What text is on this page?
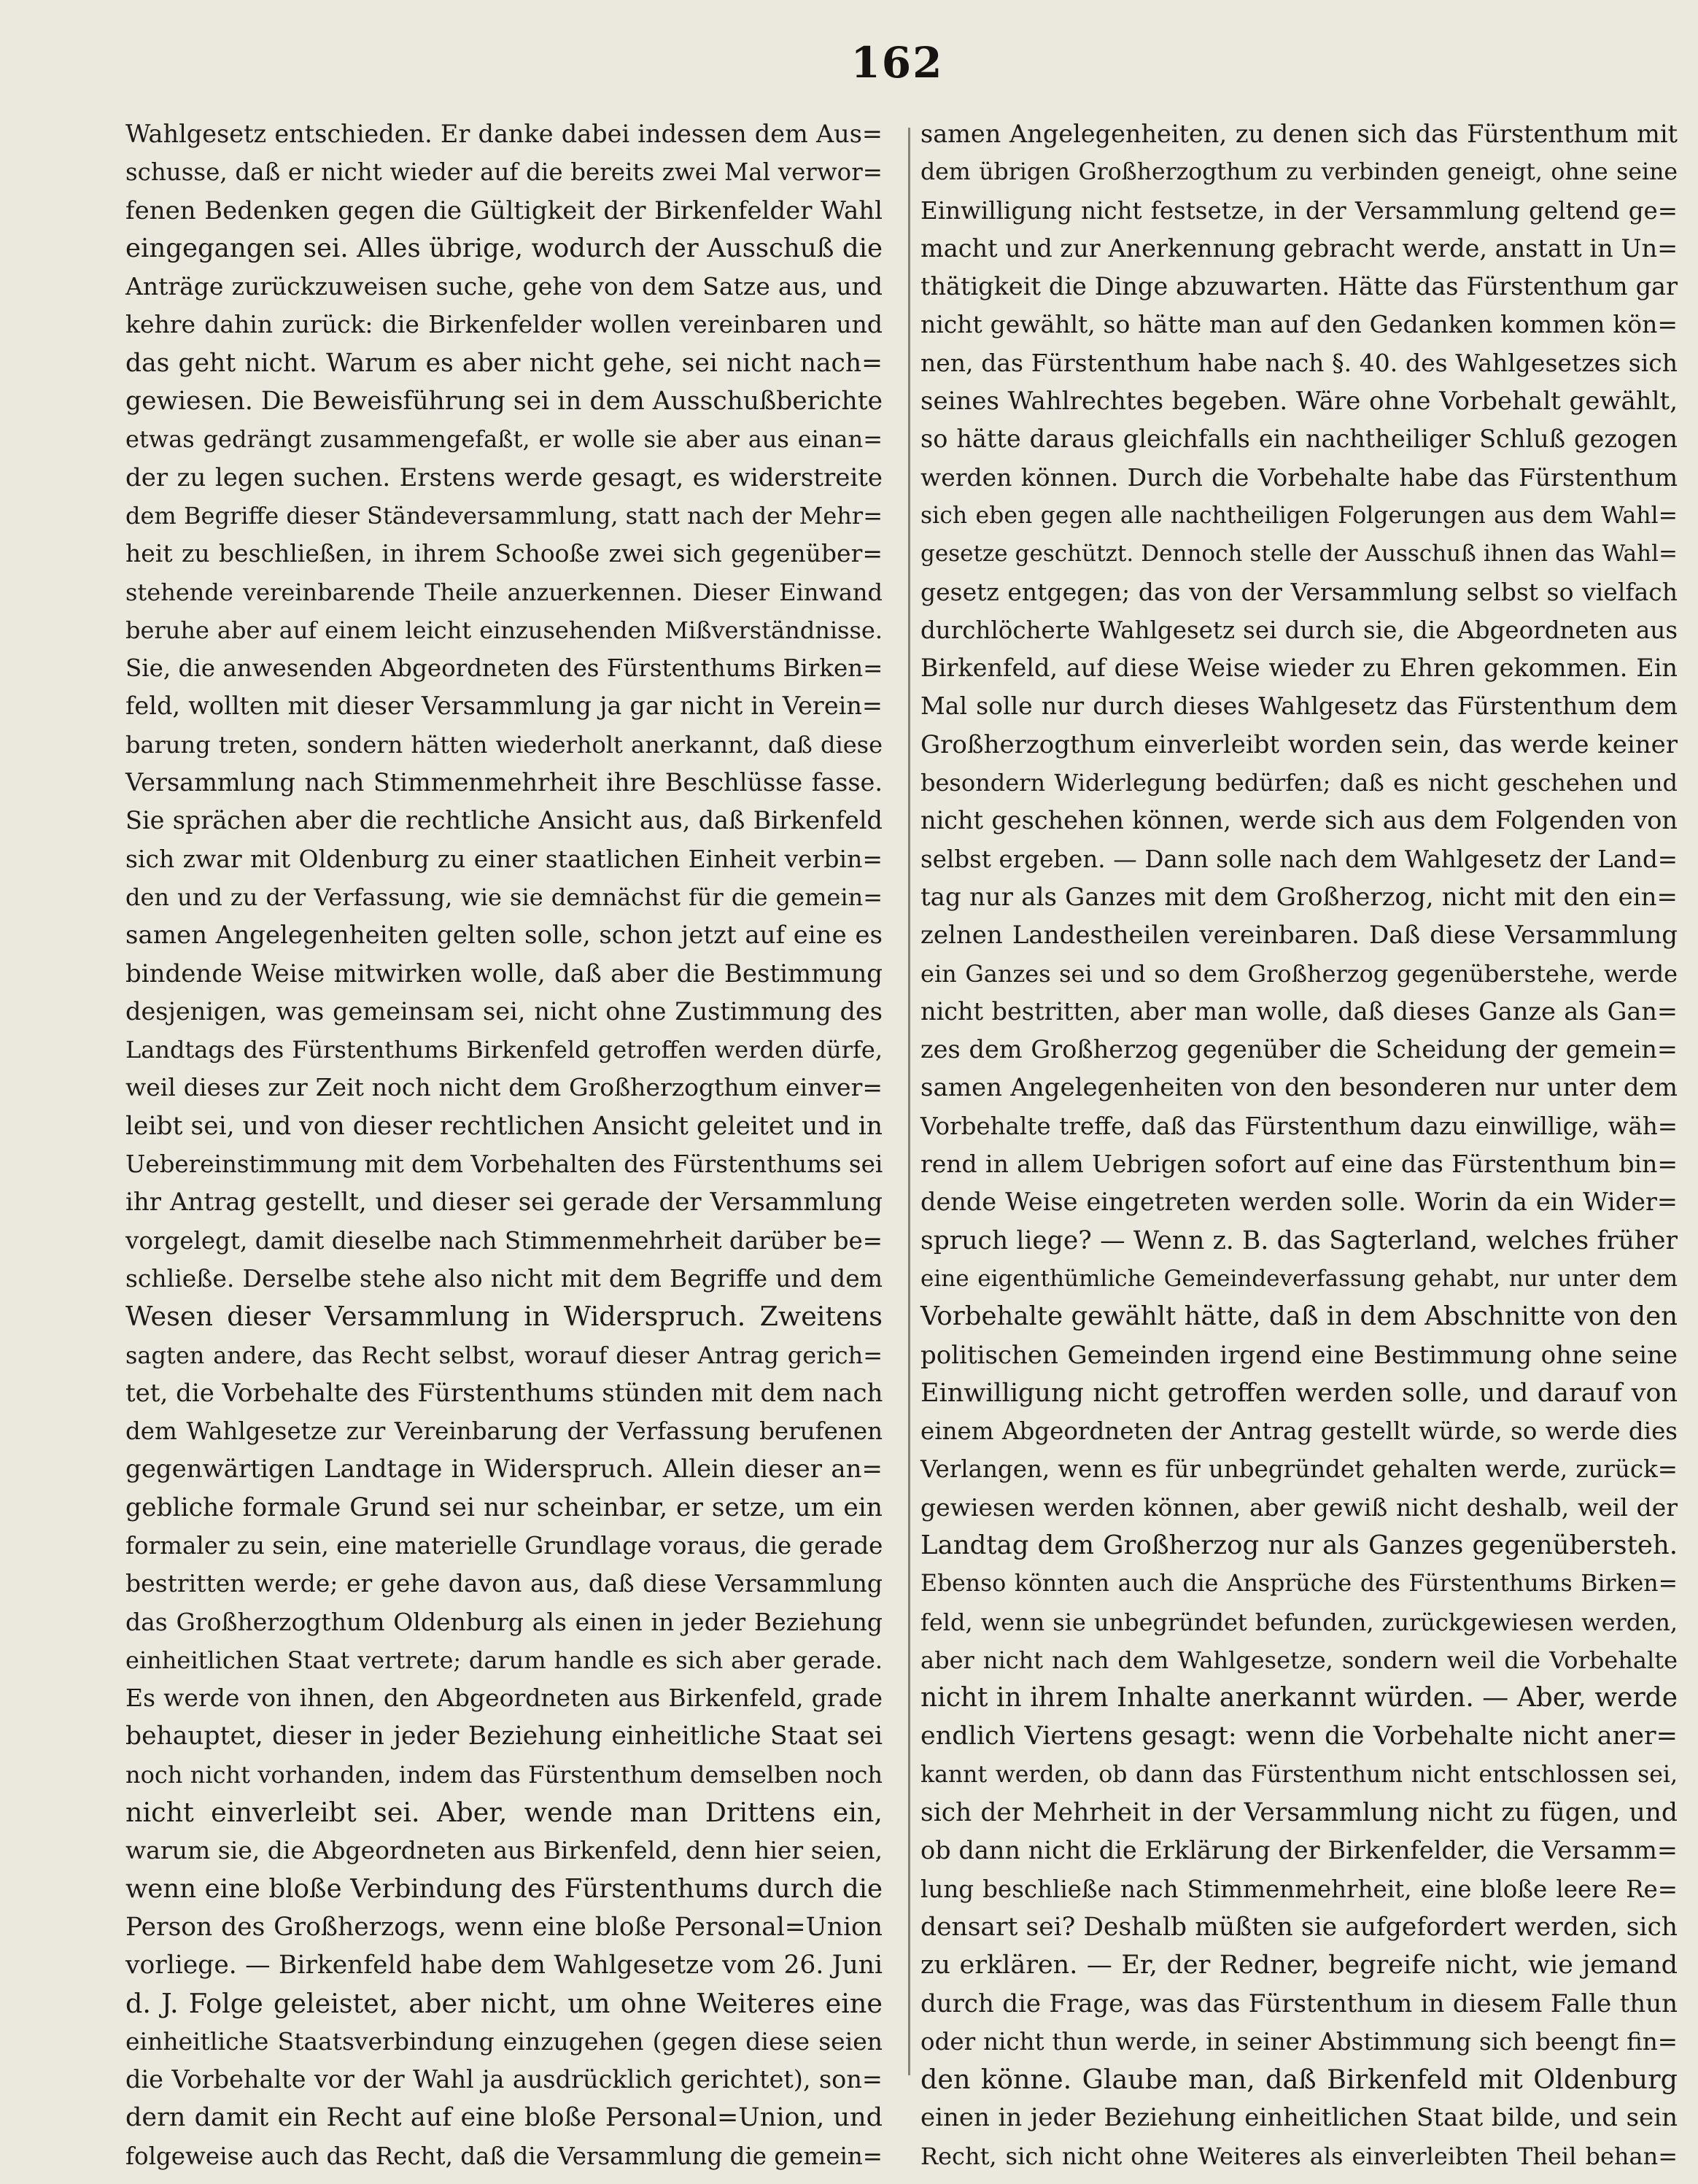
162
Wahlgesetz entschieden. Er danke dabei indessen dem Aus=
schusse, daß er nicht wieder auf die bereits zwei Mal verwor=
fenen Bedenken gegen die Gültigkeit der Birkenfelder Wahl
eingegangen sei. Alles übrige, wodurch der Ausschuß die
Anträge zurückzuweisen suche, gehe von dem Satze aus, und
kehre dahin zurück: die Birkenfelder wollen vereinbaren und
das geht nicht. Warum es aber nicht gehe, sei nicht nach=
gewiesen. Die Beweisführung sei in dem Ausschußberichte
etwas gedrängt zusammengefaßt, er wolle sie aber aus einan=
der zu legen suchen. Erstens werde gesagt, es widerstreite
dem Begriffe dieser Ständeversammlung, statt nach der Mehr=
heit zu beschließen, in ihrem Schooße zwei sich gegenüber=
stehende vereinbarende Theile anzuerkennen. Dieser Einwand
beruhe aber auf einem leicht einzusehenden Mißverständnisse.
Sie, die anwesenden Abgeordneten des Fürstenthums Birken=
feld, wollten mit dieser Versammlung ja gar nicht in Verein=
barung treten, sondern hätten wiederholt anerkannt, daß diese
Versammlung nach Stimmenmehrheit ihre Beschlüsse fasse.
Sie sprächen aber die rechtliche Ansicht aus, daß Birkenfeld
sich zwar mit Oldenburg zu einer staatlichen Einheit verbin=
den und zu der Verfassung, wie sie demnächst für die gemein=
samen Angelegenheiten gelten solle, schon jetzt auf eine es
bindende Weise mitwirken wolle, daß aber die Bestimmung
desjenigen, was gemeinsam sei, nicht ohne Zustimmung des
Landtags des Fürstenthums Birkenfeld getroffen werden dürfe,
weil dieses zur Zeit noch nicht dem Großherzogthum einver=
leibt sei, und von dieser rechtlichen Ansicht geleitet und in
Uebereinstimmung mit dem Vorbehalten des Fürstenthums sei
ihr Antrag gestellt, und dieser sei gerade der Versammlung
vorgelegt, damit dieselbe nach Stimmenmehrheit darüber be=
schließe. Derselbe stehe also nicht mit dem Begriffe und dem
Wesen dieser Versammlung in Widerspruch. Zweitens
sagten andere, das Recht selbst, worauf dieser Antrag gerich=
tet, die Vorbehalte des Fürstenthums stünden mit dem nach
dem Wahlgesetze zur Vereinbarung der Verfassung berufenen
gegenwärtigen Landtage in Widerspruch. Allein dieser an=
gebliche formale Grund sei nur scheinbar, er setze, um ein
formaler zu sein, eine materielle Grundlage voraus, die gerade
bestritten werde; er gehe davon aus, daß diese Versammlung
das Großherzogthum Oldenburg als einen in jeder Beziehung
einheitlichen Staat vertrete; darum handle es sich aber gerade.
Es werde von ihnen, den Abgeordneten aus Birkenfeld, grade
behauptet, dieser in jeder Beziehung einheitliche Staat sei
noch nicht vorhanden, indem das Fürstenthum demselben noch
nicht einverleibt sei. Aber, wende man Drittens ein,
warum sie, die Abgeordneten aus Birkenfeld, denn hier seien,
wenn eine bloße Verbindung des Fürstenthums durch die
Person des Großherzogs, wenn eine bloße Personal=Union
vorliege. — Birkenfeld habe dem Wahlgesetze vom 26. Juni
d. J. Folge geleistet, aber nicht, um ohne Weiteres eine
einheitliche Staatsverbindung einzugehen (gegen diese seien
die Vorbehalte vor der Wahl ja ausdrücklich gerichtet), son=
dern damit ein Recht auf eine bloße Personal=Union, und
folgeweise auch das Recht, daß die Versammlung die gemein=
samen Angelegenheiten, zu denen sich das Fürstenthum mit
dem übrigen Großherzogthum zu verbinden geneigt, ohne seine
Einwilligung nicht festsetze, in der Versammlung geltend ge=
macht und zur Anerkennung gebracht werde, anstatt in Un=
thätigkeit die Dinge abzuwarten. Hätte das Fürstenthum gar
nicht gewählt, so hätte man auf den Gedanken kommen kön=
nen, das Fürstenthum habe nach §. 40. des Wahlgesetzes sich
seines Wahlrechtes begeben. Wäre ohne Vorbehalt gewählt,
so hätte daraus gleichfalls ein nachtheiliger Schluß gezogen
werden können. Durch die Vorbehalte habe das Fürstenthum
sich eben gegen alle nachtheiligen Folgerungen aus dem Wahl=
gesetze geschützt. Dennoch stelle der Ausschuß ihnen das Wahl=
gesetz entgegen; das von der Versammlung selbst so vielfach
durchlöcherte Wahlgesetz sei durch sie, die Abgeordneten aus
Birkenfeld, auf diese Weise wieder zu Ehren gekommen. Ein
Mal solle nur durch dieses Wahlgesetz das Fürstenthum dem
Großherzogthum einverleibt worden sein, das werde keiner
besondern Widerlegung bedürfen; daß es nicht geschehen und
nicht geschehen können, werde sich aus dem Folgenden von
selbst ergeben. — Dann solle nach dem Wahlgesetz der Land=
tag nur als Ganzes mit dem Großherzog, nicht mit den ein=
zelnen Landestheilen vereinbaren. Daß diese Versammlung
ein Ganzes sei und so dem Großherzog gegenüberstehe, werde
nicht bestritten, aber man wolle, daß dieses Ganze als Gan=
zes dem Großherzog gegenüber die Scheidung der gemein=
samen Angelegenheiten von den besonderen nur unter dem
Vorbehalte treffe, daß das Fürstenthum dazu einwillige, wäh=
rend in allem Uebrigen sofort auf eine das Fürstenthum bin=
dende Weise eingetreten werden solle. Worin da ein Wider=
spruch liege? — Wenn z. B. das Sagterland, welches früher
eine eigenthümliche Gemeindeverfassung gehabt, nur unter dem
Vorbehalte gewählt hätte, daß in dem Abschnitte von den
politischen Gemeinden irgend eine Bestimmung ohne seine
Einwilligung nicht getroffen werden solle, und darauf von
einem Abgeordneten der Antrag gestellt würde, so werde dies
Verlangen, wenn es für unbegründet gehalten werde, zurück=
gewiesen werden können, aber gewiß nicht deshalb, weil der
Landtag dem Großherzog nur als Ganzes gegenübersteh.
Ebenso könnten auch die Ansprüche des Fürstenthums Birken=
feld, wenn sie unbegründet befunden, zurückgewiesen werden,
aber nicht nach dem Wahlgesetze, sondern weil die Vorbehalte
nicht in ihrem Inhalte anerkannt würden. — Aber, werde
endlich Viertens gesagt: wenn die Vorbehalte nicht aner=
kannt werden, ob dann das Fürstenthum nicht entschlossen sei,
sich der Mehrheit in der Versammlung nicht zu fügen, und
ob dann nicht die Erklärung der Birkenfelder, die Versamm=
lung beschließe nach Stimmenmehrheit, eine bloße leere Re=
densart sei? Deshalb müßten sie aufgefordert werden, sich
zu erklären. — Er, der Redner, begreife nicht, wie jemand
durch die Frage, was das Fürstenthum in diesem Falle thun
oder nicht thun werde, in seiner Abstimmung sich beengt fin=
den könne. Glaube man, daß Birkenfeld mit Oldenburg
einen in jeder Beziehung einheitlichen Staat bilde, und sein
Recht, sich nicht ohne Weiteres als einverleibten Theil behan=
